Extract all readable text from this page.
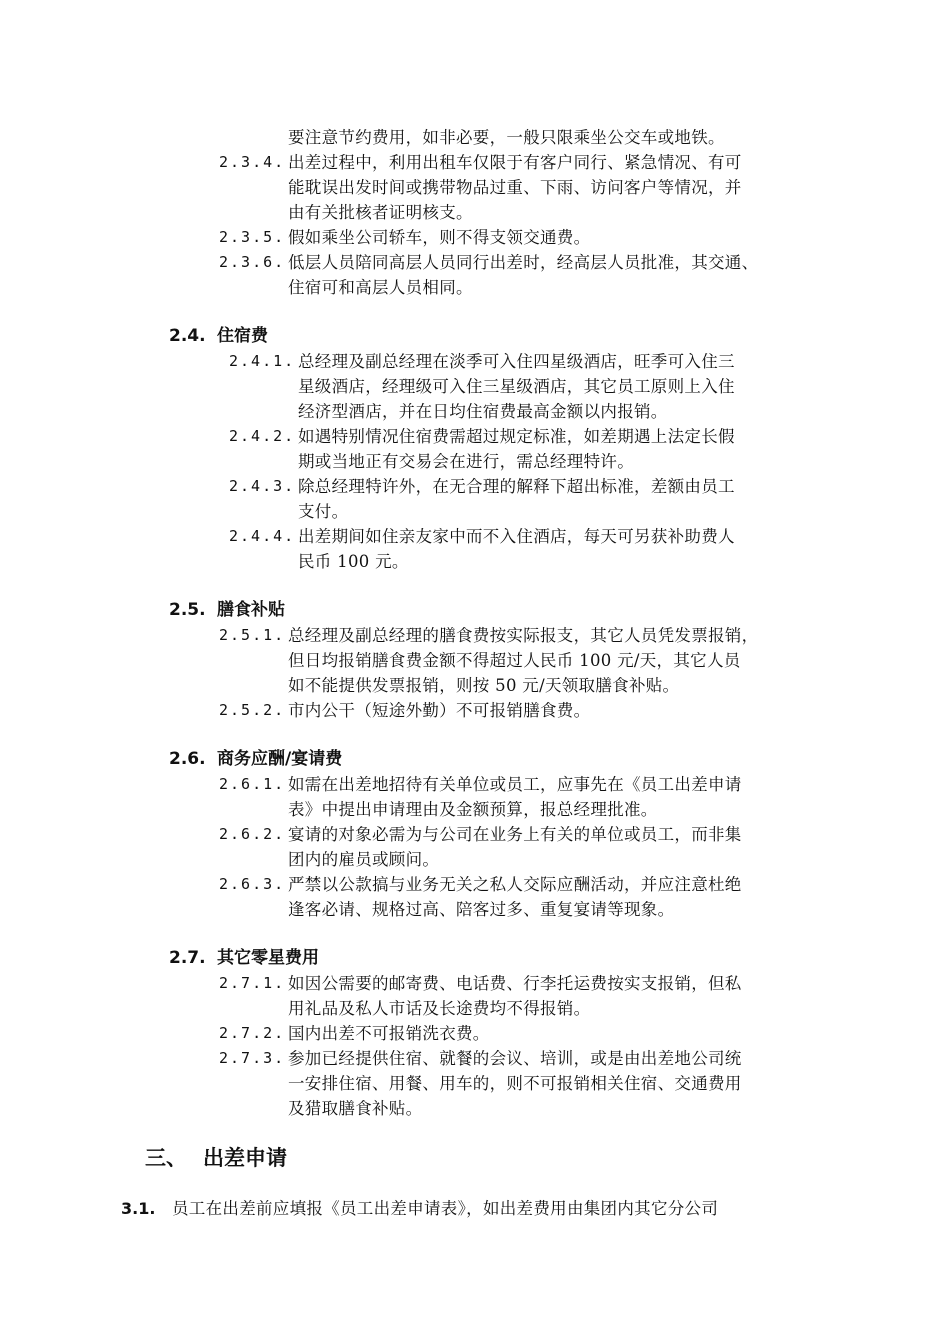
要注意节约费用，如非必要，一般只限乘坐公交车或地铁。
2.3.4. 出差过程中，利用出租车仅限于有客户同行、紧急情况、有可
能耽误出发时间或携带物品过重、下雨、访问客户等情况，并
由有关批核者证明核支。
2.3.5. 假如乘坐公司轿车，则不得支领交通费。
2.3.6. 低层人员陪同高层人员同行出差时，经高层人员批准，其交通、
住宿可和高层人员相同。
2.4. 住宿费
2.4.1. 总经理及副总经理在淡季可入住四星级酒店，旺季可入住三
星级酒店，经理级可入住三星级酒店，其它员工原则上入住
经济型酒店，并在日均住宿费最高金额以内报销。
2.4.2. 如遇特别情况住宿费需超过规定标准，如差期遇上法定长假
期或当地正有交易会在进行，需总经理特许。
2.4.3. 除总经理特许外，在无合理的解释下超出标准，差额由员工
支付。
2.4.4. 出差期间如住亲友家中而不入住酒店，每天可另获补助费人
民币 100 元。
2.5. 膳食补贴
2.5.1. 总经理及副总经理的膳食费按实际报支，其它人员凭发票报销，
但日均报销膳食费金额不得超过人民币 100 元/天，其它人员
如不能提供发票报销，则按 50 元/天领取膳食补贴。
2.5.2. 市内公干（短途外勤）不可报销膳食费。
2.6. 商务应酬/宴请费
2.6.1. 如需在出差地招待有关单位或员工，应事先在《员工出差申请
表》中提出申请理由及金额预算，报总经理批准。
2.6.2. 宴请的对象必需为与公司在业务上有关的单位或员工，而非集
团内的雇员或顾问。
2.6.3. 严禁以公款搞与业务无关之私人交际应酬活动，并应注意杜绝
逢客必请、规格过高、陪客过多、重复宴请等现象。
2.7. 其它零星费用
2.7.1. 如因公需要的邮寄费、电话费、行李托运费按实支报销，但私
用礼品及私人市话及长途费均不得报销。
2.7.2. 国内出差不可报销洗衣费。
2.7.3. 参加已经提供住宿、就餐的会议、培训，或是由出差地公司统
一安排住宿、用餐、用车的，则不可报销相关住宿、交通费用
及猎取膳食补贴。
三、 出差申请
3.1. 员工在出差前应填报《员工出差申请表》，如出差费用由集团内其它分公司
